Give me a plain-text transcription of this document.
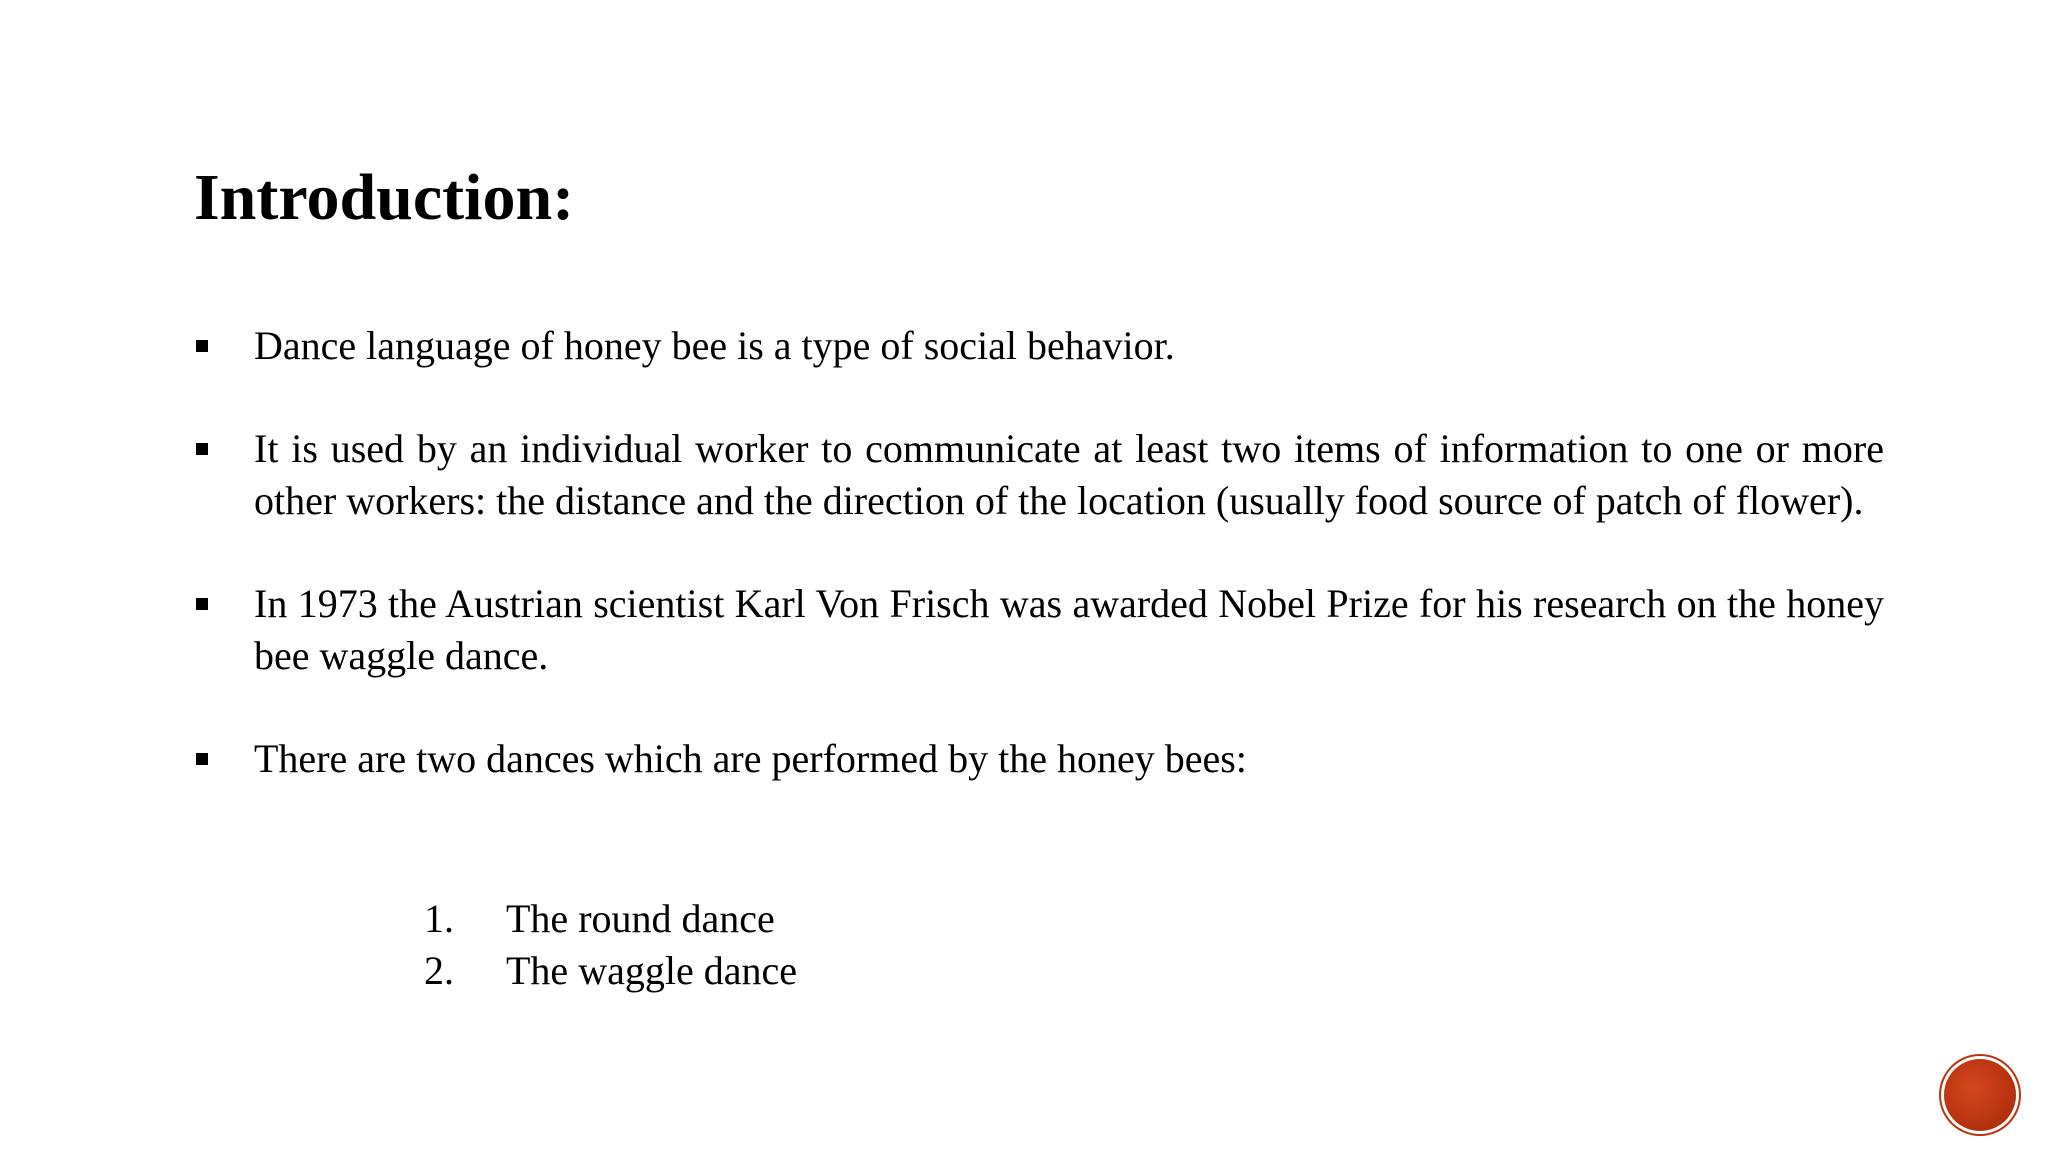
Introduction:
Dance language of honey bee is a type of social behavior.
It is used by an individual worker to communicate at least two items of information to one or more other workers: the distance and the direction of the location (usually food source of patch of flower).
In 1973 the Austrian scientist Karl Von Frisch was awarded Nobel Prize for his research on the honey bee waggle dance.
There are two dances which are performed by the honey bees:
1.	The round dance
2.	The waggle dance
